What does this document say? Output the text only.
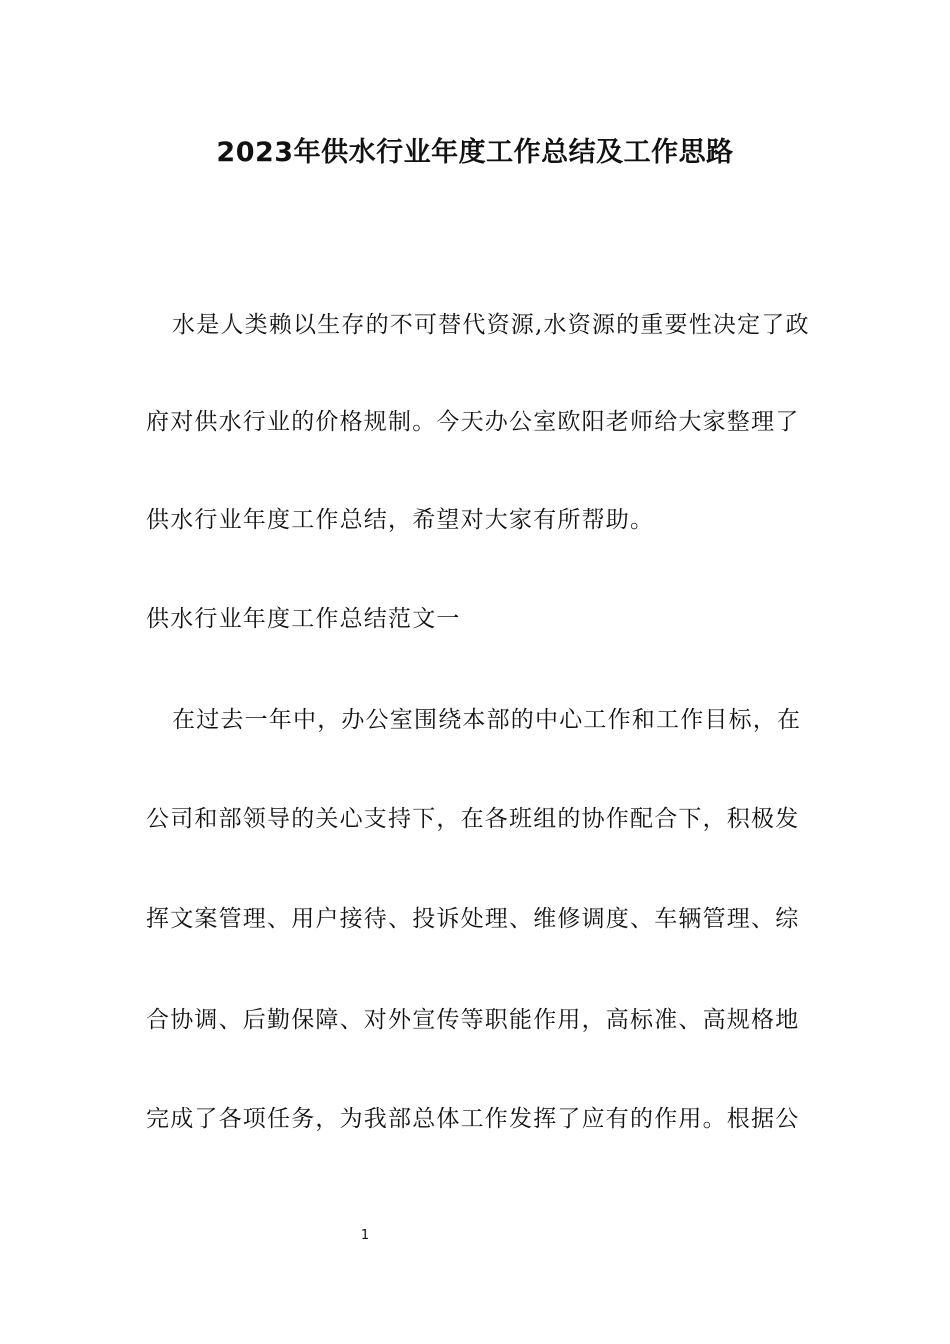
2023年供水行业年度工作总结及工作思路
水是人类赖以生存的不可替代资源,水资源的重要性决定了政
府对供水行业的价格规制。今天办公室欧阳老师给大家整理了
供水行业年度工作总结，希望对大家有所帮助。
供水行业年度工作总结范文一
在过去一年中，办公室围绕本部的中心工作和工作目标，在
公司和部领导的关心支持下，在各班组的协作配合下，积极发
挥文案管理、用户接待、投诉处理、维修调度、车辆管理、综
合协调、后勤保障、对外宣传等职能作用，高标准、高规格地
完成了各项任务，为我部总体工作发挥了应有的作用。根据公
1
